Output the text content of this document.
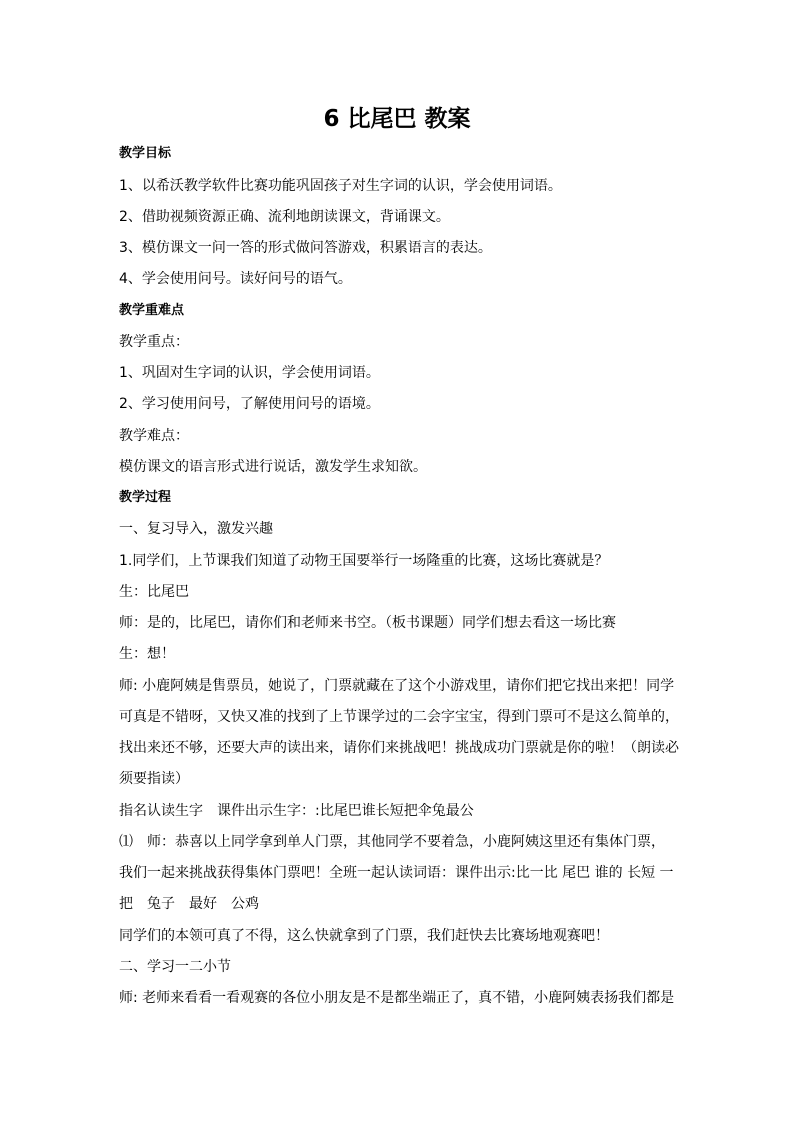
6 比尾巴 教案
教学目标
1、以希沃教学软件比赛功能巩固孩子对生字词的认识，学会使用词语。
2、借助视频资源正确、流利地朗读课文，背诵课文。
3、模仿课文一问一答的形式做问答游戏，积累语言的表达。
4、学会使用问号。读好问号的语气。
教学重难点
教学重点：
1、巩固对生字词的认识，学会使用词语。
2、学习使用问号，了解使用问号的语境。
教学难点：
模仿课文的语言形式进行说话，激发学生求知欲。
教学过程
一、复习导入，激发兴趣
1.同学们，上节课我们知道了动物王国要举行一场隆重的比赛，这场比赛就是？
生：比尾巴
师：是的，比尾巴，请你们和老师来书空。（板书课题）同学们想去看这一场比赛
生：想！
师: 小鹿阿姨是售票员，她说了，门票就藏在了这个小游戏里，请你们把它找出来把！同学
可真是不错呀，又快又准的找到了上节课学过的二会字宝宝，得到门票可不是这么简单的，
找出来还不够，还要大声的读出来，请你们来挑战吧！挑战成功门票就是你的啦！（朗读必
须要指读）
指名认读生字　课件出示生字：:比尾巴谁长短把伞兔最公
⑴　师：恭喜以上同学拿到单人门票，其他同学不要着急，小鹿阿姨这里还有集体门票，
我们一起来挑战获得集体门票吧！全班一起认读词语：课件出示:比一比 尾巴 谁的 长短 一
把　兔子　最好　公鸡
同学们的本领可真了不得，这么快就拿到了门票，我们赶快去比赛场地观赛吧！
二、学习一二小节
师: 老师来看看一看观赛的各位小朋友是不是都坐端正了，真不错，小鹿阿姨表扬我们都是
